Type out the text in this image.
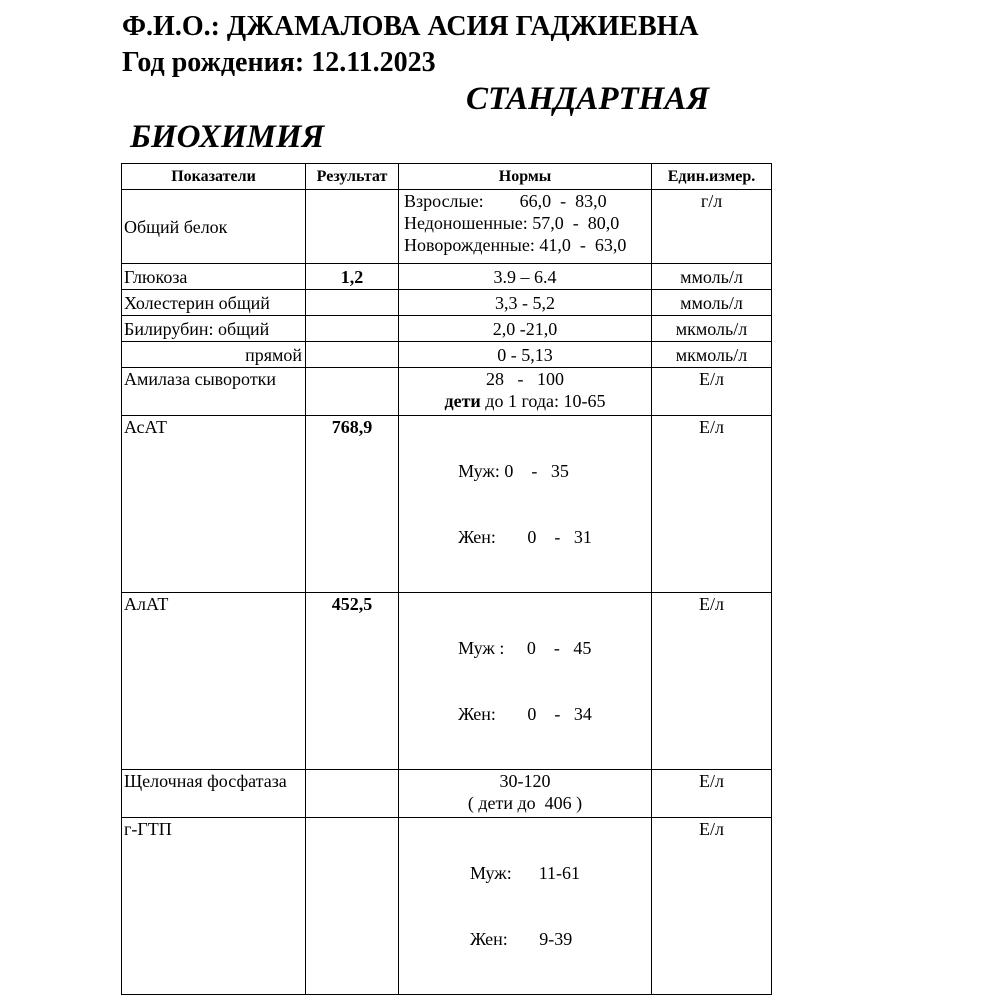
Ф.И.О.: ДЖАМАЛОВА АСИЯ ГАДЖИЕВНА
Год рождения: 12.11.2023
СТАНДАРТНАЯ
БИОХИМИЯ
Показатели	Результат	Нормы	Един.измер.
Общий белок		Взрослые:        66,0  -  83,0
Недоношенные: 57,0  -  80,0
Новорожденные: 41,0  -  63,0	г/л
Глюкоза	1,2	3.9 – 6.4	ммоль/л
Холестерин общий		3,3 - 5,2	ммоль/л
Билирубин: общий		2,0 -21,0	мкмоль/л
прямой		0 - 5,13	мкмоль/л
Амилаза сыворотки		28   -   100
дети до 1 года: 10-65	Е/л
АсАТ	768,9	Муж: 0    -   35

Жен:       0    -   31	Е/л
АлАТ	452,5	Муж :     0    -   45

Жен:       0    -   34	Е/л
Щелочная фосфатаза		30-120
( дети до  406 )	Е/л
г-ГТП		Муж:      11-61

Жен:       9-39	Е/л
